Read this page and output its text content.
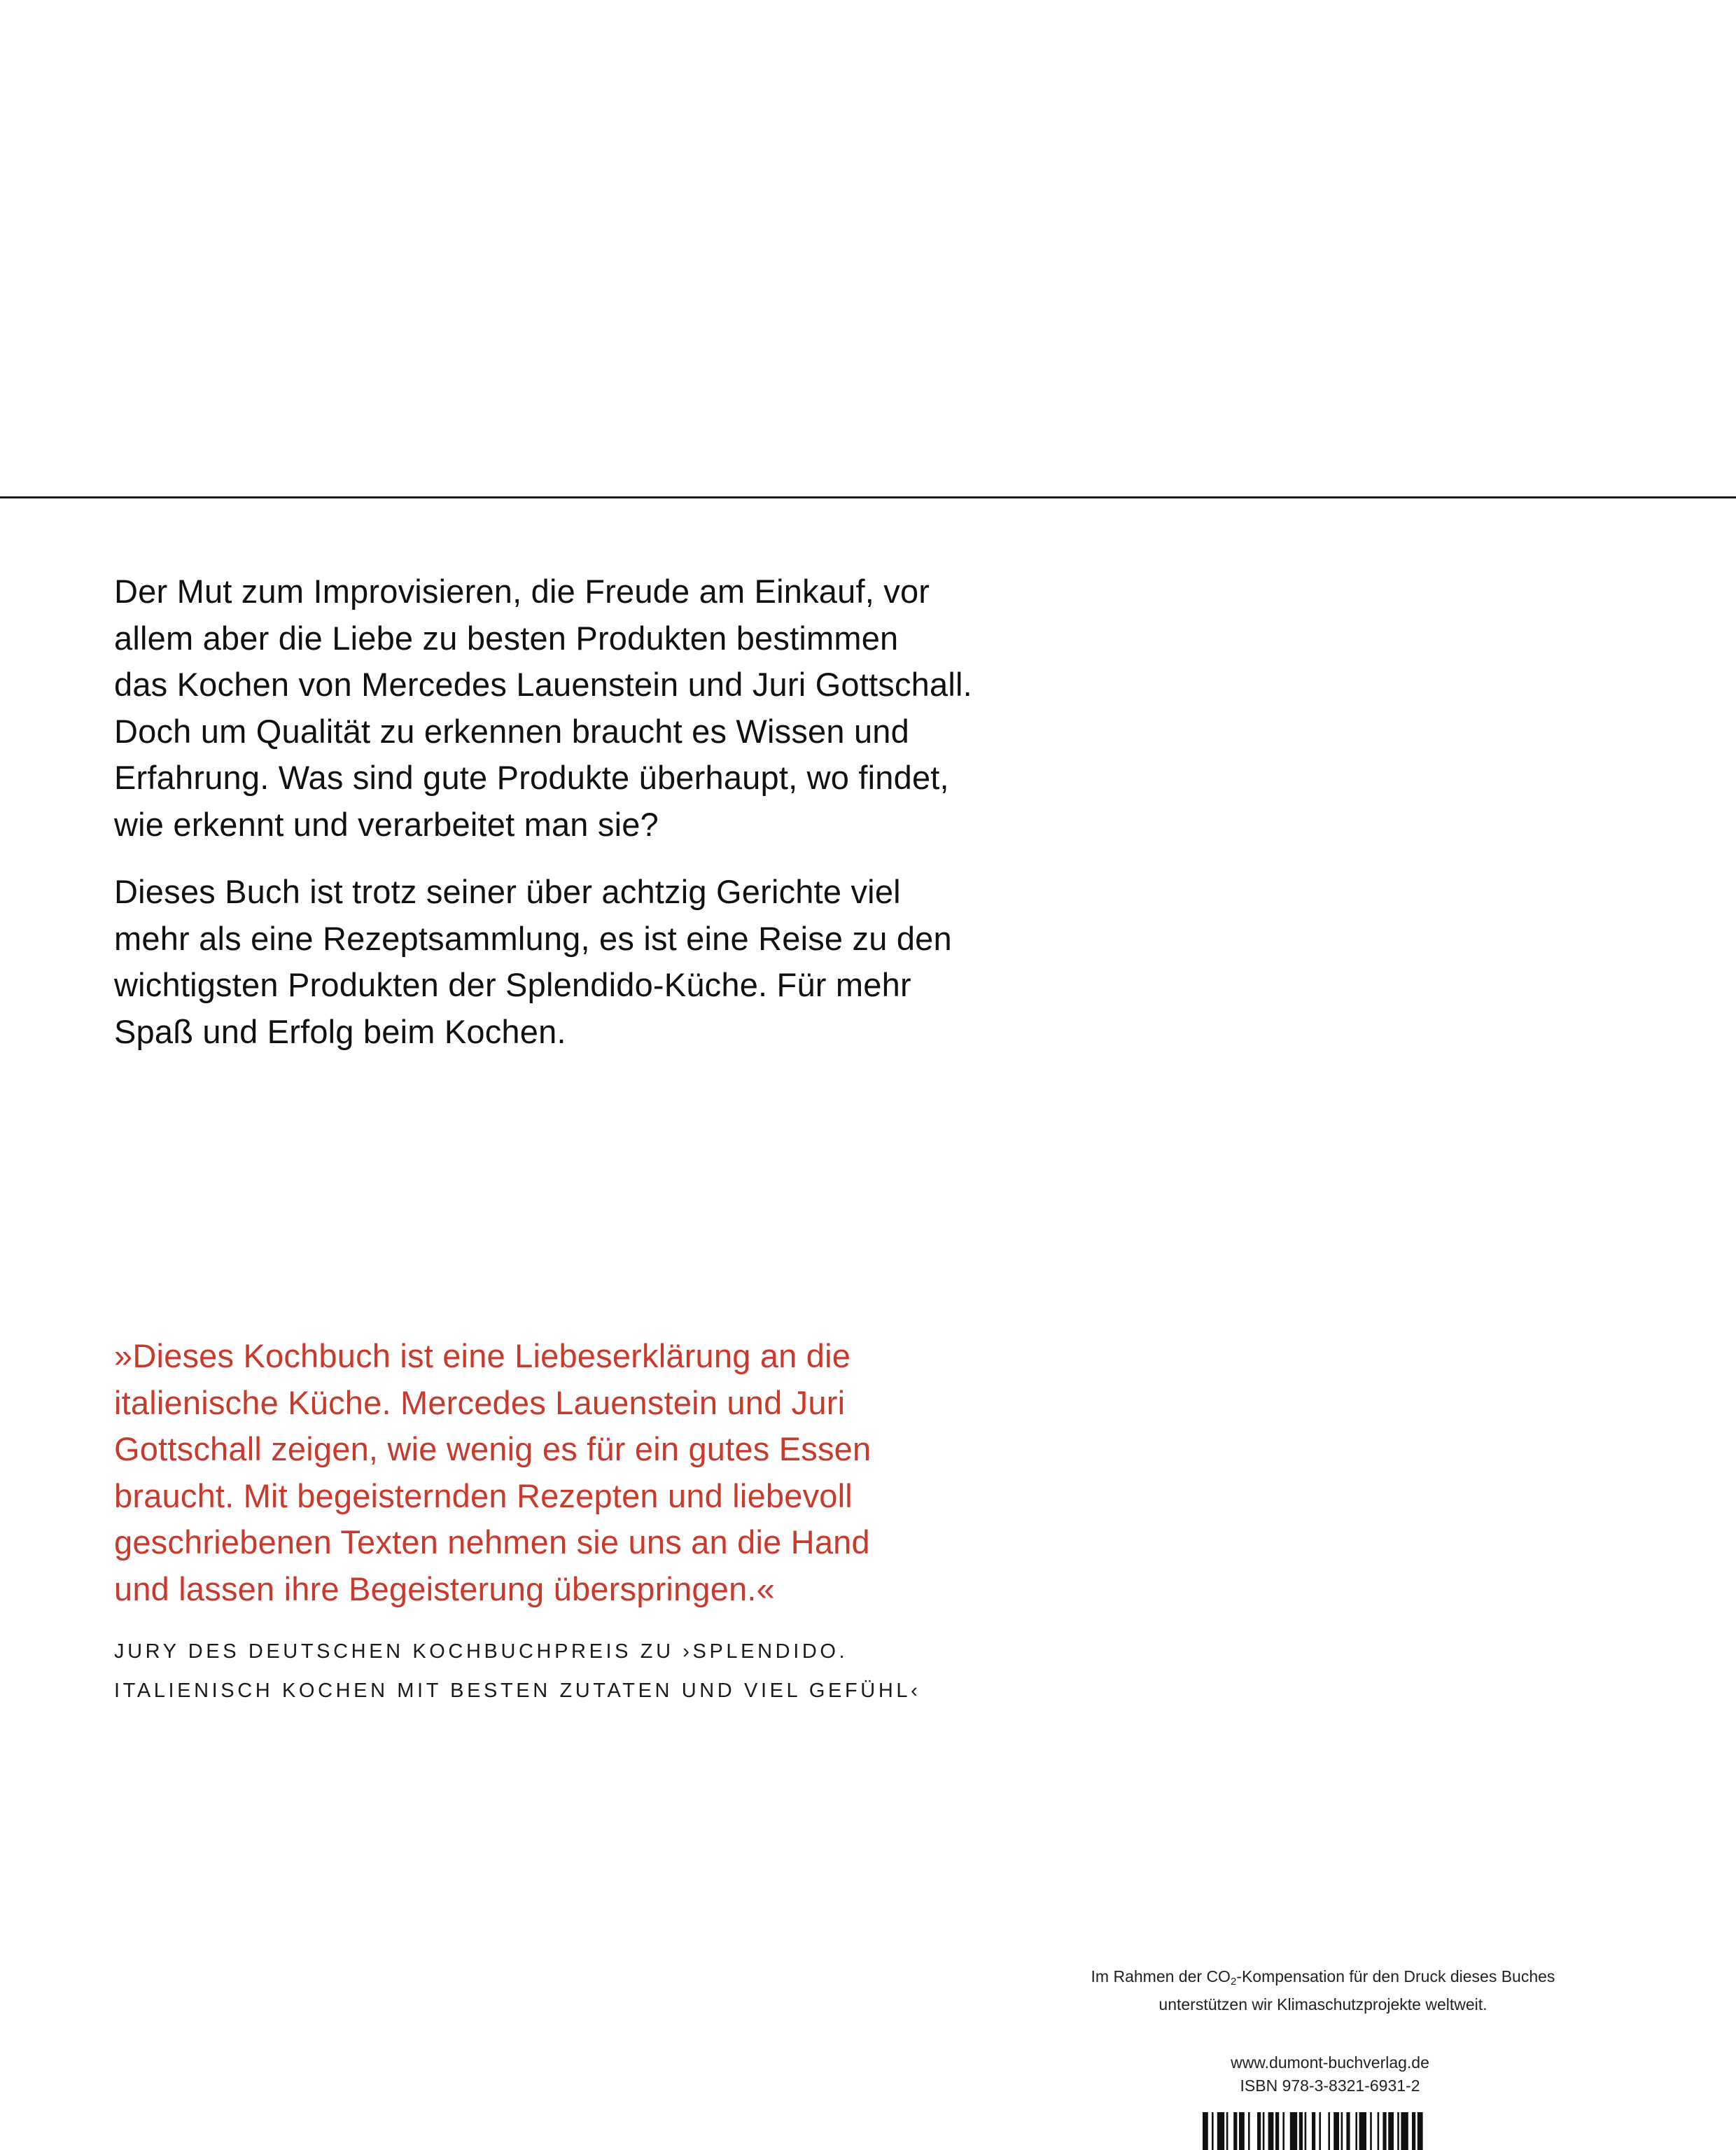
Der Mut zum Improvisieren, die Freude am Einkauf, vor
allem aber die Liebe zu besten Produkten bestimmen
das Kochen von Mercedes Lauenstein und Juri Gottschall.
Doch um Qualität zu erkennen braucht es Wissen und
Erfahrung. Was sind gute Produkte überhaupt, wo findet,
wie erkennt und verarbeitet man sie?
Dieses Buch ist trotz seiner über achtzig Gerichte viel
mehr als eine Rezeptsammlung, es ist eine Reise zu den
wichtigsten Produkten der Splendido-Küche. Für mehr
Spaß und Erfolg beim Kochen.
»Dieses Kochbuch ist eine Liebeserklärung an die
italienische Küche. Mercedes Lauenstein und Juri
Gottschall zeigen, wie wenig es für ein gutes Essen
braucht. Mit begeisternden Rezepten und liebevoll
geschriebenen Texten nehmen sie uns an die Hand
und lassen ihre Begeisterung überspringen.«
JURY DES DEUTSCHEN KOCHBUCHPREIS ZU ›SPLENDIDO.
ITALIENISCH KOCHEN MIT BESTEN ZUTATEN UND VIEL GEFÜHL‹
Im Rahmen der $CO_2$-Kompensation für den Druck dieses Buches
unterstützen wir Klimaschutzprojekte weltweit.
www.dumont-buchverlag.de
ISBN 978-3-8321-6931-2
